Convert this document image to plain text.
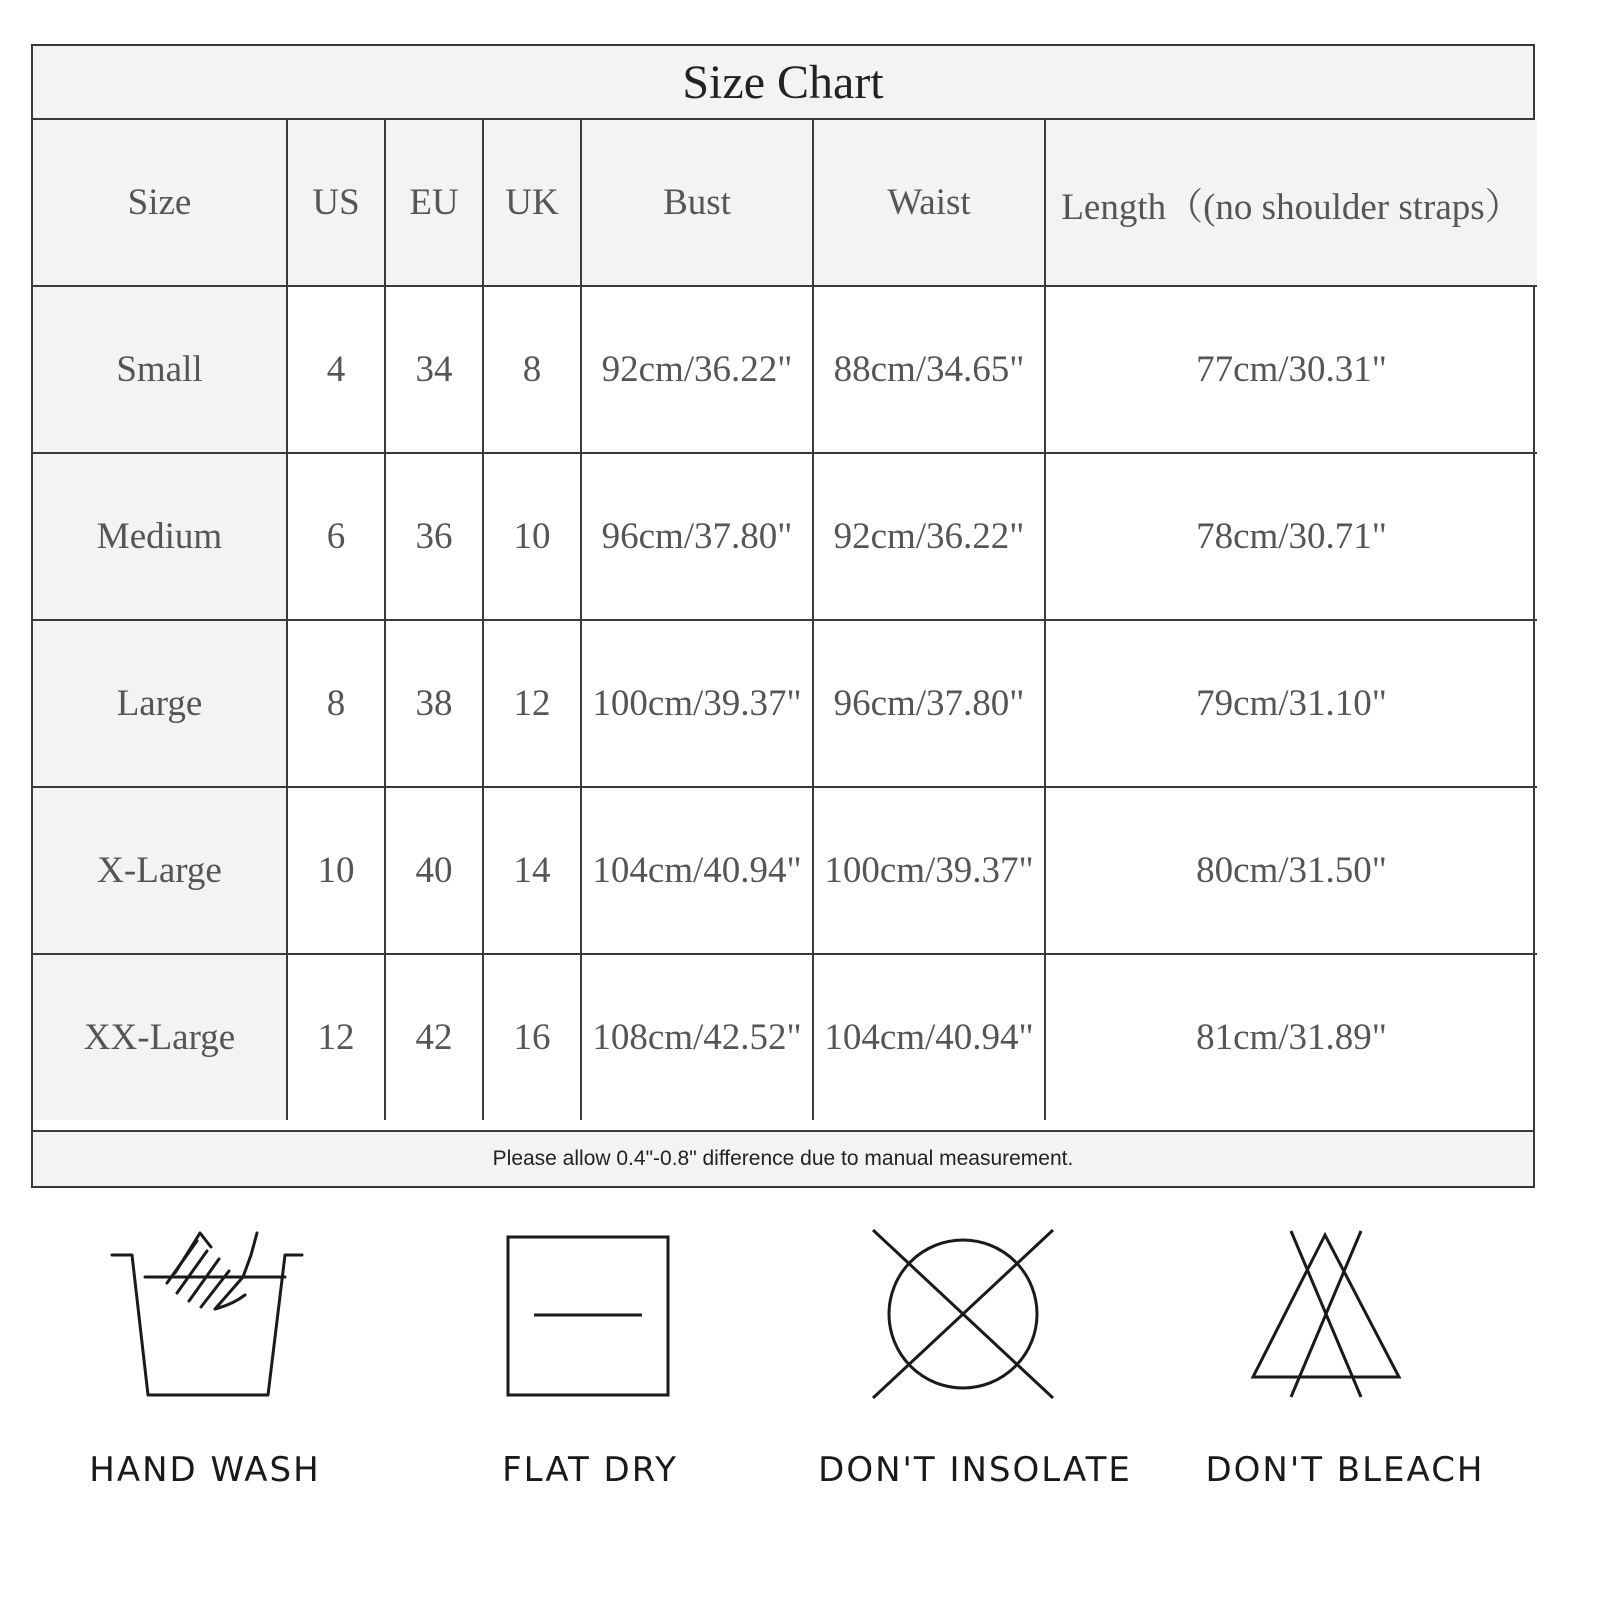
Size Chart
Size	US	EU	UK	Bust	Waist	Length（(no shoulder straps）
Small	4	34	8	92cm/36.22"	88cm/34.65"	77cm/30.31"
Medium	6	36	10	96cm/37.80"	92cm/36.22"	78cm/30.71"
Large	8	38	12	100cm/39.37"	96cm/37.80"	79cm/31.10"
X-Large	10	40	14	104cm/40.94"	100cm/39.37"	80cm/31.50"
XX-Large	12	42	16	108cm/42.52"	104cm/40.94"	81cm/31.89"
Please allow 0.4"-0.8" difference due to manual measurement.
HAND WASH	FLAT DRY	DON'T INSOLATE	DON'T BLEACH
